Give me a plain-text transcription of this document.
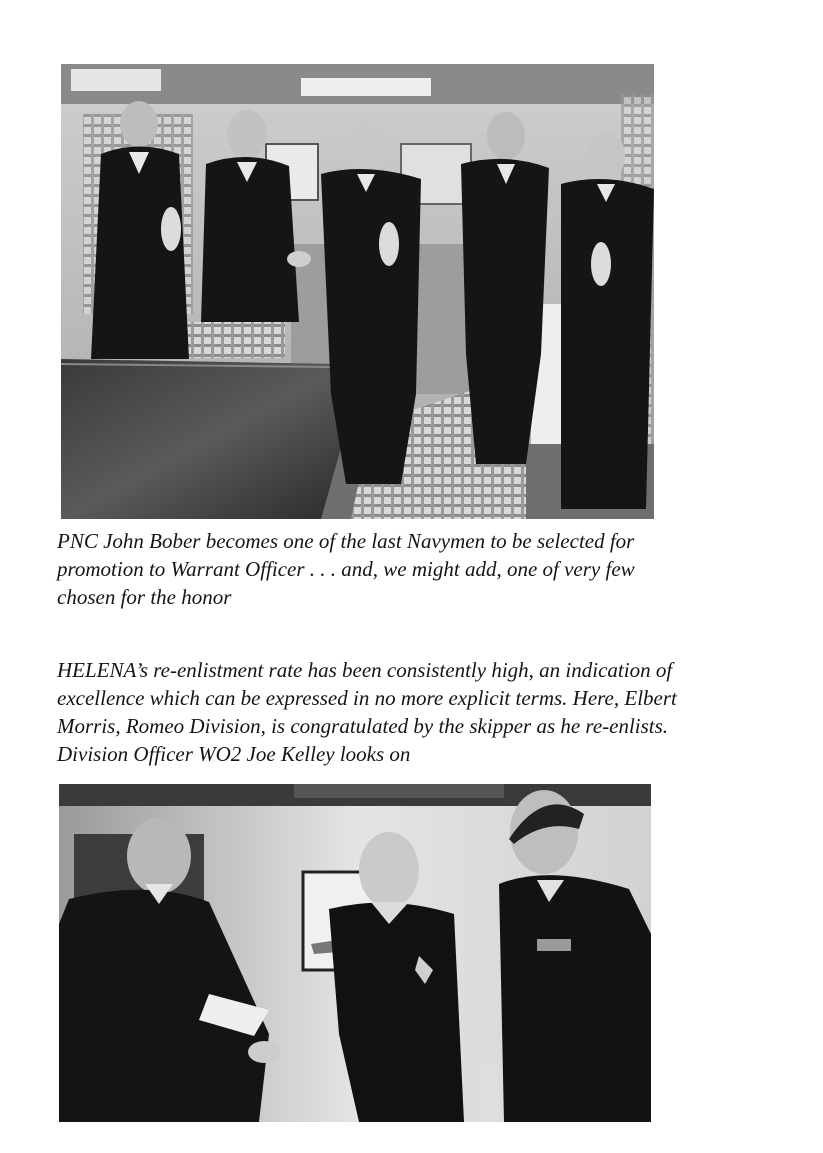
PNC John Bober becomes one of the last Navymen to be selected for
promotion to Warrant Officer . . . and, we might add, one of very few
chosen for the honor

HELENA’s re-enlistment rate has been consistently high, an indication of
excellence which can be expressed in no more explicit terms. Here, Elbert
Morris, Romeo Division, is congratulated by the skipper as he re-enlists.
Division Officer WO2 Joe Kelley looks on
